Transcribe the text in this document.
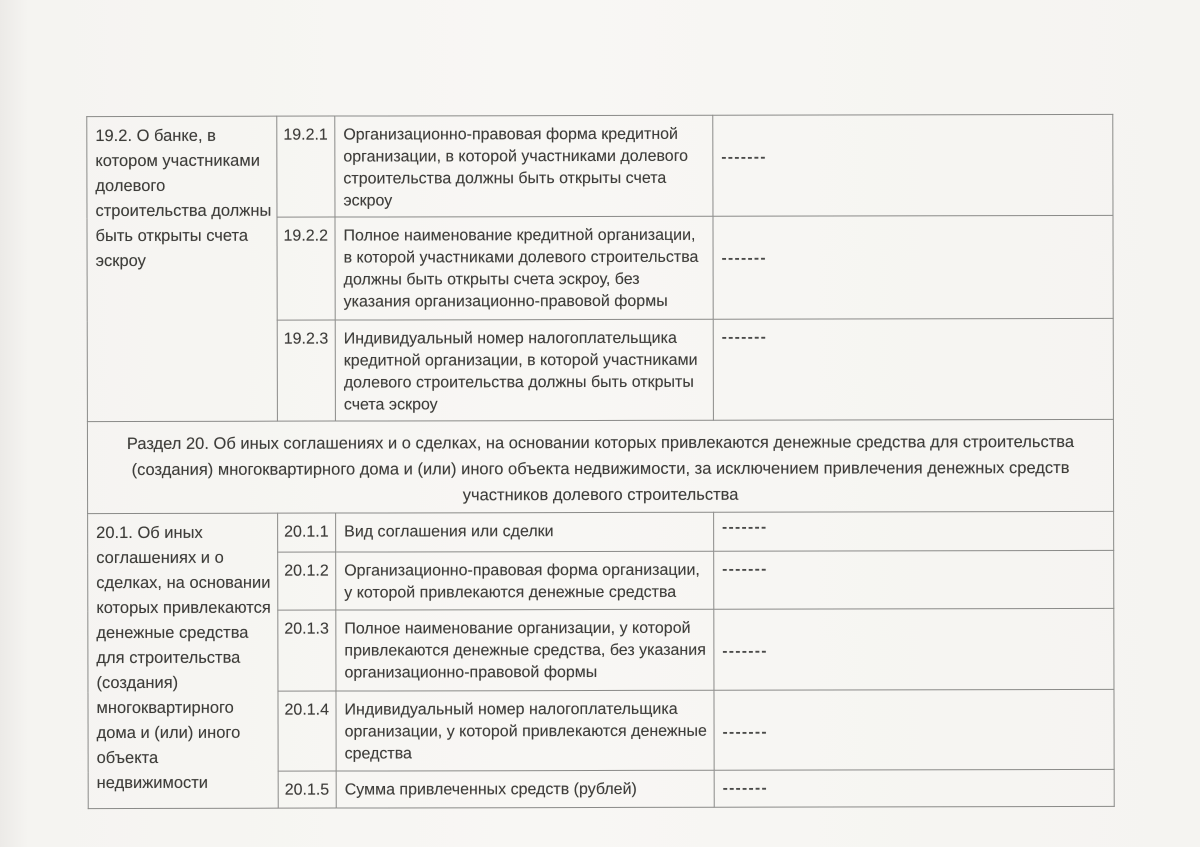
19.2. О банке, в котором участниками долевого строительства должны быть открыты счета эскроу	19.2.1	Организационно-правовая форма кредитной организации, в которой участниками долевого строительства должны быть открыты счета эскроу	-------
	19.2.2	Полное наименование кредитной организации, в которой участниками долевого строительства должны быть открыты счета эскроу, без указания организационно-правовой формы	-------
	19.2.3	Индивидуальный номер налогоплательщика кредитной организации, в которой участниками долевого строительства должны быть открыты счета эскроу	-------
Раздел 20. Об иных соглашениях и о сделках, на основании которых привлекаются денежные средства для строительства (создания) многоквартирного дома и (или) иного объекта недвижимости, за исключением привлечения денежных средств участников долевого строительства			
20.1. Об иных соглашениях и о сделках, на основании которых привлекаются денежные средства для строительства (создания) многоквартирного дома и (или) иного объекта недвижимости	20.1.1	Вид соглашения или сделки	-------
	20.1.2	Организационно-правовая форма организации, у которой привлекаются денежные средства	-------
	20.1.3	Полное наименование организации, у которой привлекаются денежные средства, без указания организационно-правовой формы	-------
	20.1.4	Индивидуальный номер налогоплательщика организации, у которой привлекаются денежные средства	-------
	20.1.5	Сумма привлеченных средств (рублей)	-------
